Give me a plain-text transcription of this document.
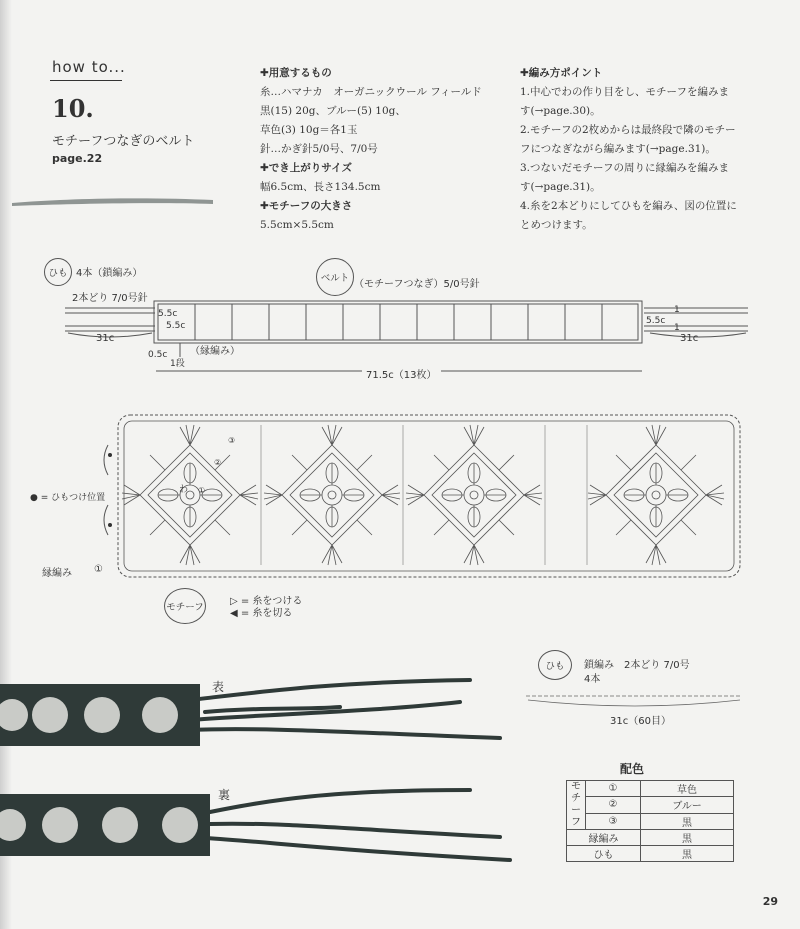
how to...
10.
モチーフつなぎのベルト
page.22
✚用意するもの
糸…ハマナカ　オーガニックウール フィールド
黒(15) 20g、ブルー(5) 10g、
草色(3) 10g＝各1玉
針…かぎ針5/0号、7/0号
✚でき上がりサイズ
幅6.5cm、長さ134.5cm
✚モチーフの大きさ
5.5cm×5.5cm
✚編み方ポイント
1.中心でわの作り目をし、モチーフを編みま
す(→page.30)。
2.モチーフの2枚めからは最終段で隣のモチー
フにつなぎながら編みます(→page.31)。
3.つないだモチーフの周りに縁編みを編みま
す(→page.31)。
4.糸を2本どりにしてひもを編み、図の位置に
とめつけます。
ひも 4本（鎖編み）
2本どり 7/0号針
ベルト
（モチーフつなぎ）5/0号針
31c	31c
5.5c
5.5c	5.5c
1
1
0.5c （縁編み）
1段
71.5c（13枚）
わ ①
②
③
● = ひもつけ位置
縁編み ①
モチーフ
▷ = 糸をつける
◀ = 糸を切る
表
裏
ひも	鎖編み　2本どり 7/0号
4本
31c（60目）
配色
モチーフ	①	草色
	②	ブルー
	③	黒
縁編み		黒
ひも		黒
29
